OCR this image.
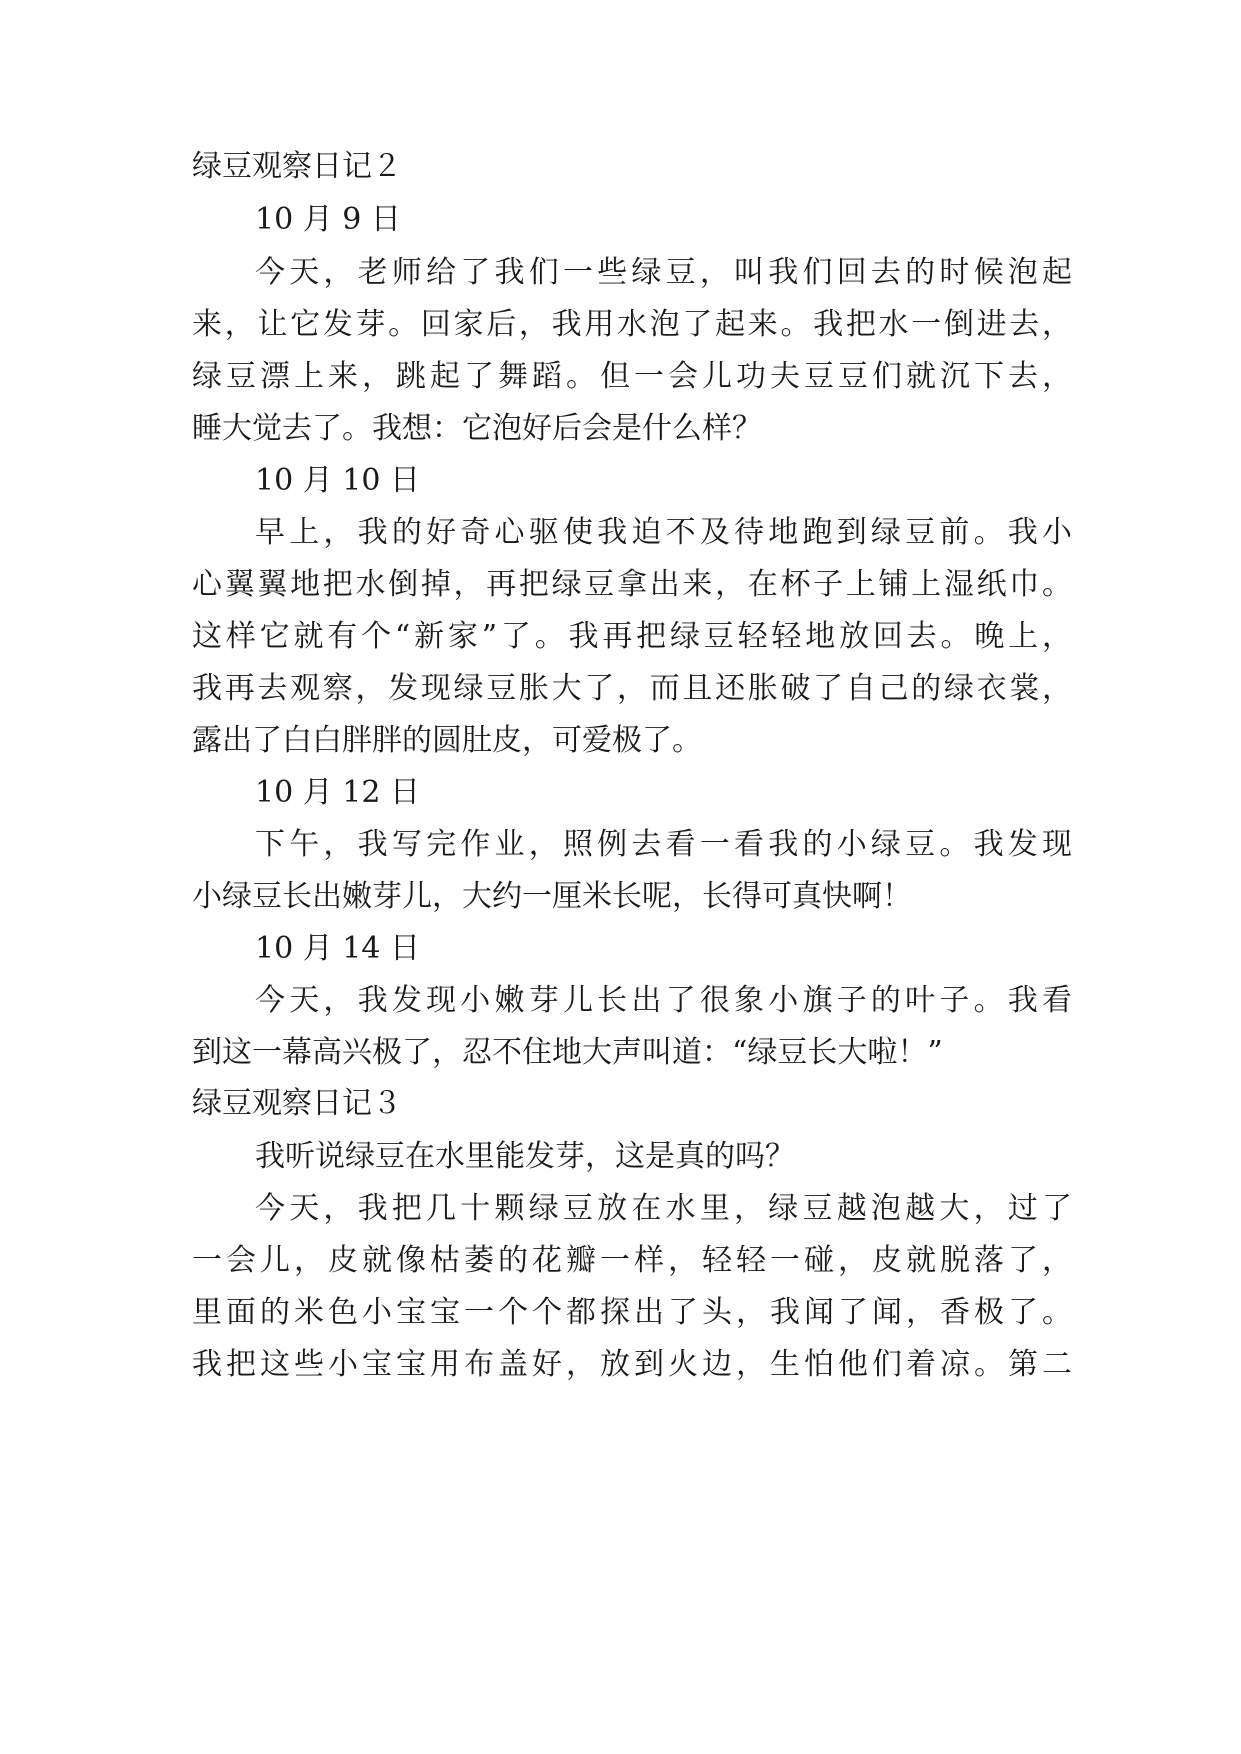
绿豆观察日记２
10 月 9 日
今天，老师给了我们一些绿豆，叫我们回去的时候泡起
来，让它发芽。回家后，我用水泡了起来。我把水一倒进去，
绿豆漂上来，跳起了舞蹈。但一会儿功夫豆豆们就沉下去，
睡大觉去了。我想：它泡好后会是什么样？
10 月 10 日
早上，我的好奇心驱使我迫不及待地跑到绿豆前。我小
心翼翼地把水倒掉，再把绿豆拿出来，在杯子上铺上湿纸巾。
这样它就有个“新家”了。我再把绿豆轻轻地放回去。晚上，
我再去观察，发现绿豆胀大了，而且还胀破了自己的绿衣裳，
露出了白白胖胖的圆肚皮，可爱极了。
10 月 12 日
下午，我写完作业，照例去看一看我的小绿豆。我发现
小绿豆长出嫩芽儿，大约一厘米长呢，长得可真快啊！
10 月 14 日
今天，我发现小嫩芽儿长出了很象小旗子的叶子。我看
到这一幕高兴极了，忍不住地大声叫道：“绿豆长大啦！”
绿豆观察日记３
我听说绿豆在水里能发芽，这是真的吗？
今天，我把几十颗绿豆放在水里，绿豆越泡越大，过了
一会儿，皮就像枯萎的花瓣一样，轻轻一碰，皮就脱落了，
里面的米色小宝宝一个个都探出了头，我闻了闻，香极了。
我把这些小宝宝用布盖好，放到火边，生怕他们着凉。第二
